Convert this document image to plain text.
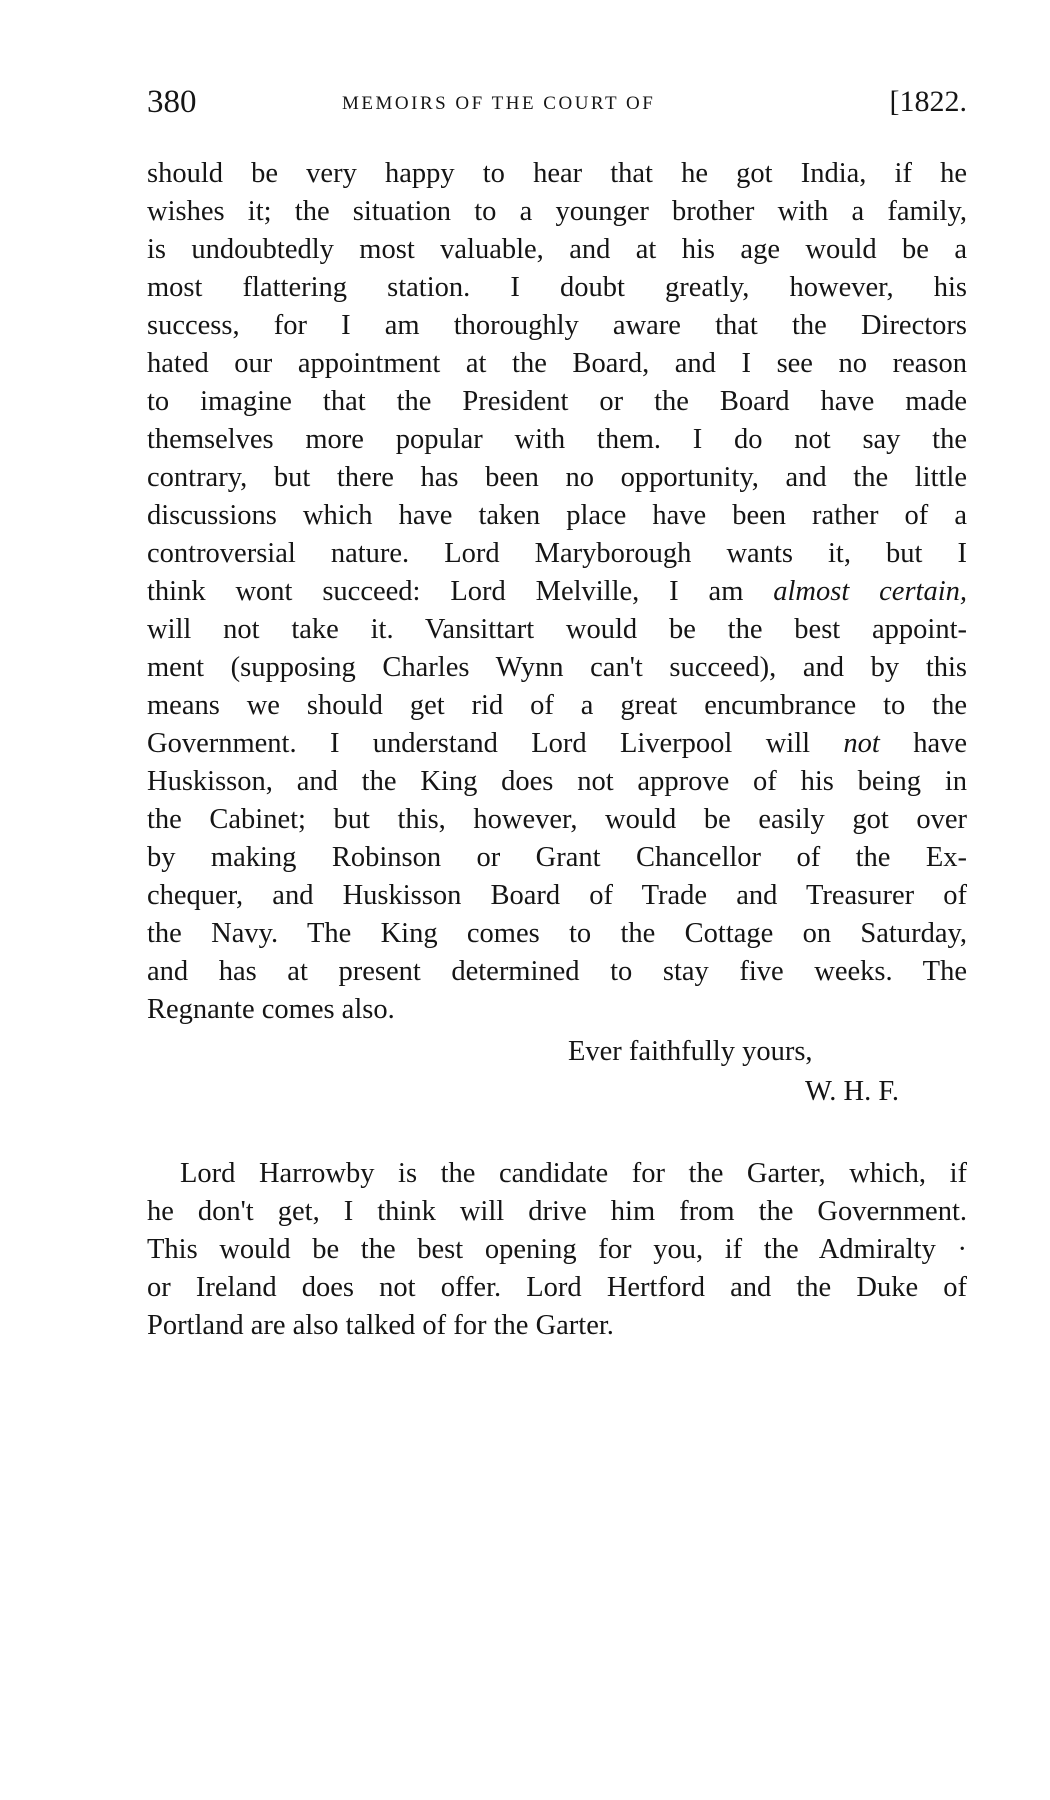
380	MEMOIRS OF THE COURT OF	[1822.
should be very happy to hear that he got India, if he
wishes it; the situation to a younger brother with a family,
is undoubtedly most valuable, and at his age would be a
most flattering station. I doubt greatly, however, his
success, for I am thoroughly aware that the Directors
hated our appointment at the Board, and I see no reason
to imagine that the President or the Board have made
themselves more popular with them. I do not say the
contrary, but there has been no opportunity, and the little
discussions which have taken place have been rather of a
controversial nature. Lord Maryborough wants it, but I
think wont succeed: Lord Melville, I am almost certain,
will not take it. Vansittart would be the best appoint-
ment (supposing Charles Wynn can't succeed), and by this
means we should get rid of a great encumbrance to the
Government. I understand Lord Liverpool will not have
Huskisson, and the King does not approve of his being in
the Cabinet; but this, however, would be easily got over
by making Robinson or Grant Chancellor of the Ex-
chequer, and Huskisson Board of Trade and Treasurer of
the Navy. The King comes to the Cottage on Saturday,
and has at present determined to stay five weeks. The
Regnante comes also.
Ever faithfully yours,
W. H. F.
Lord Harrowby is the candidate for the Garter, which, if
he don't get, I think will drive him from the Government.
This would be the best opening for you, if the Admiralty ·
or Ireland does not offer. Lord Hertford and the Duke of
Portland are also talked of for the Garter.
